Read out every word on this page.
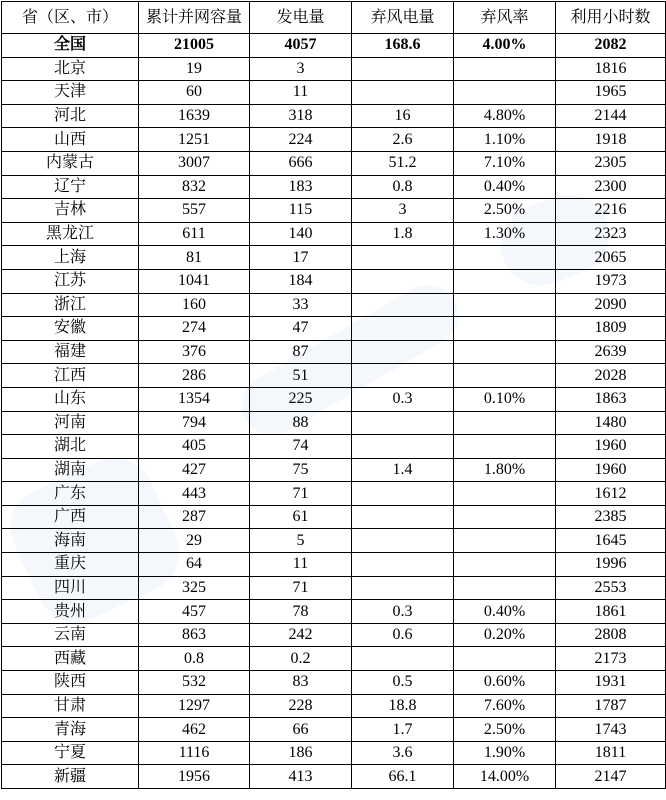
省（区、市）	累计并网容量	发电量	弃风电量	弃风率	利用小时数
全国	21005	4057	168.6	4.00%	2082
北京	19	3			1816
天津	60	11			1965
河北	1639	318	16	4.80%	2144
山西	1251	224	2.6	1.10%	1918
内蒙古	3007	666	51.2	7.10%	2305
辽宁	832	183	0.8	0.40%	2300
吉林	557	115	3	2.50%	2216
黑龙江	611	140	1.8	1.30%	2323
上海	81	17			2065
江苏	1041	184			1973
浙江	160	33			2090
安徽	274	47			1809
福建	376	87			2639
江西	286	51			2028
山东	1354	225	0.3	0.10%	1863
河南	794	88			1480
湖北	405	74			1960
湖南	427	75	1.4	1.80%	1960
广东	443	71			1612
广西	287	61			2385
海南	29	5			1645
重庆	64	11			1996
四川	325	71			2553
贵州	457	78	0.3	0.40%	1861
云南	863	242	0.6	0.20%	2808
西藏	0.8	0.2			2173
陕西	532	83	0.5	0.60%	1931
甘肃	1297	228	18.8	7.60%	1787
青海	462	66	1.7	2.50%	1743
宁夏	1116	186	3.6	1.90%	1811
新疆	1956	413	66.1	14.00%	2147
